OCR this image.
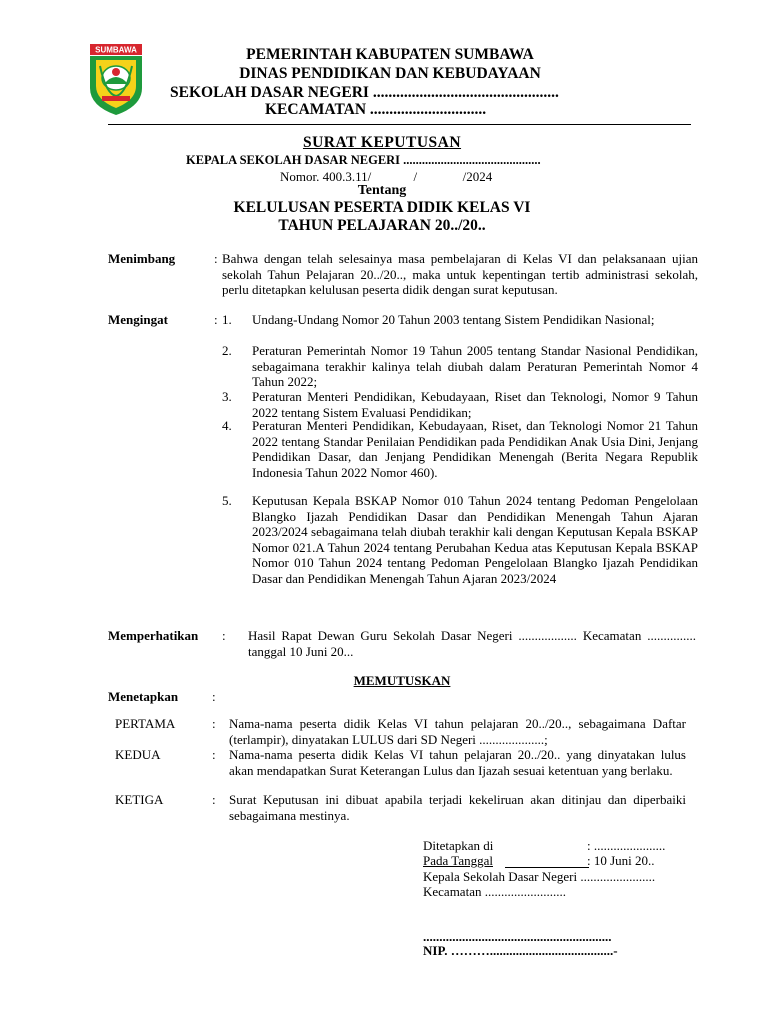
SUMBAWA	PEMERINTAH KABUPATEN SUMBAWA
DINAS PENDIDIKAN DAN KEBUDAYAAN
SEKOLAH DASAR NEGERI ................................................
KECAMATAN ..............................
SURAT KEPUTUSAN
KEPALA SEKOLAH DASAR NEGERI ............................................
Nomor. 400.3.11/             /              /2024
Tentang
KELULUSAN PESERTA DIDIK KELAS VI
TAHUN PELAJARAN 20../20..
Menimbang	: Bahwa dengan telah selesainya masa pembelajaran di Kelas VI dan pelaksanaan ujian sekolah Tahun Pelajaran 20../20.., maka untuk kepentingan tertib administrasi sekolah, perlu ditetapkan kelulusan peserta didik dengan surat keputusan.
Mengingat	: 1.	Undang-Undang Nomor 20 Tahun 2003 tentang Sistem Pendidikan Nasional;
2.	Peraturan Pemerintah Nomor 19 Tahun 2005 tentang Standar Nasional Pendidikan, sebagaimana terakhir kalinya telah diubah dalam Peraturan Pemerintah Nomor 4 Tahun 2022;
3.	Peraturan Menteri Pendidikan, Kebudayaan, Riset dan Teknologi, Nomor 9 Tahun 2022 tentang Sistem Evaluasi Pendidikan;
4.	Peraturan Menteri Pendidikan, Kebudayaan, Riset, dan Teknologi Nomor 21 Tahun 2022 tentang Standar Penilaian Pendidikan pada Pendidikan Anak Usia Dini, Jenjang Pendidikan Dasar, dan Jenjang Pendidikan Menengah (Berita Negara Republik Indonesia Tahun 2022 Nomor 460).
5.	Keputusan Kepala BSKAP Nomor 010 Tahun 2024 tentang Pedoman Pengelolaan Blangko Ijazah Pendidikan Dasar dan Pendidikan Menengah Tahun Ajaran 2023/2024 sebagaimana telah diubah terakhir kali dengan Keputusan Kepala BSKAP Nomor 021.A Tahun 2024 tentang Perubahan Kedua atas Keputusan Kepala BSKAP Nomor 010 Tahun 2024 tentang Pedoman Pengelolaan Blangko Ijazah Pendidikan Dasar dan Pendidikan Menengah Tahun Ajaran 2023/2024
Memperhatikan : Hasil Rapat Dewan Guru Sekolah Dasar Negeri .................. Kecamatan ............... tanggal 10 Juni 20...
MEMUTUSKAN
Menetapkan	:
PERTAMA	: Nama-nama peserta didik Kelas VI tahun pelajaran 20../20.., sebagaimana Daftar (terlampir), dinyatakan LULUS dari SD Negeri ....................;
KEDUA	: Nama-nama peserta didik Kelas VI tahun pelajaran 20../20.. yang dinyatakan lulus akan mendapatkan Surat Keterangan Lulus dan Ijazah sesuai ketentuan yang berlaku.
KETIGA	: Surat Keputusan ini dibuat apabila terjadi kekeliruan akan ditinjau dan diperbaiki sebagaimana mestinya.
Ditetapkan di	: ......................
Pada Tanggal	: 10 Juni 20..
Kepala Sekolah Dasar Negeri .......................
Kecamatan .........................
..........................................................
NIP. ………......................................-
